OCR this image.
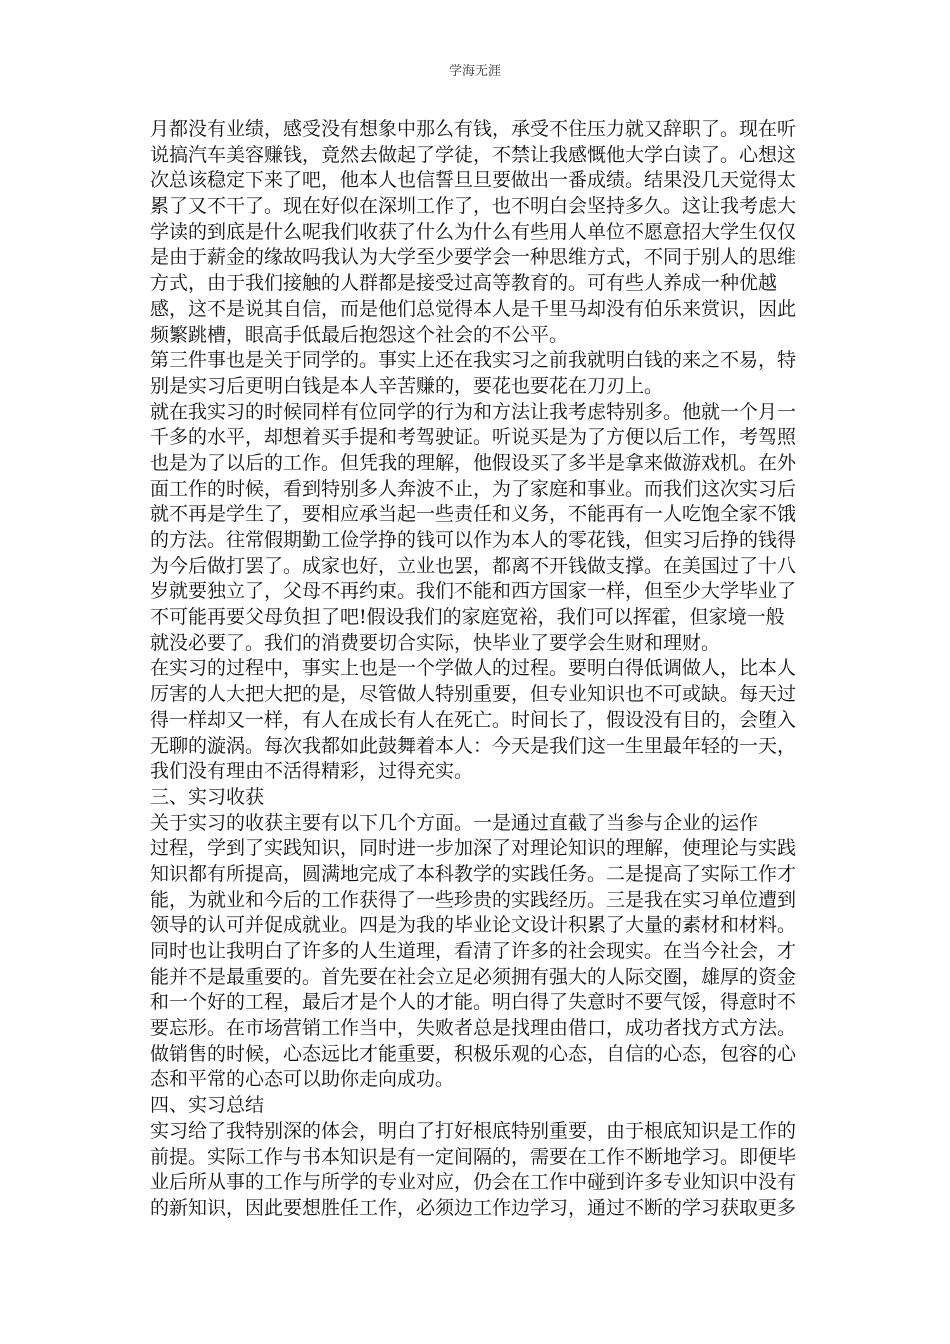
学海无涯
月都没有业绩，感受没有想象中那么有钱，承受不住压力就又辞职了。现在听
说搞汽车美容赚钱，竟然去做起了学徒，不禁让我感慨他大学白读了。心想这
次总该稳定下来了吧，他本人也信誓旦旦要做出一番成绩。结果没几天觉得太
累了又不干了。现在好似在深圳工作了，也不明白会坚持多久。这让我考虑大
学读的到底是什么呢我们收获了什么为什么有些用人单位不愿意招大学生仅仅
是由于薪金的缘故吗我认为大学至少要学会一种思维方式，不同于别人的思维
方式，由于我们接触的人群都是接受过高等教育的。可有些人养成一种优越
感，这不是说其自信，而是他们总觉得本人是千里马却没有伯乐来赏识，因此
频繁跳槽，眼高手低最后抱怨这个社会的不公平。
第三件事也是关于同学的。事实上还在我实习之前我就明白钱的来之不易，特
别是实习后更明白钱是本人辛苦赚的，要花也要花在刀刃上。
就在我实习的时候同样有位同学的行为和方法让我考虑特别多。他就一个月一
千多的水平，却想着买手提和考驾驶证。听说买是为了方便以后工作，考驾照
也是为了以后的工作。但凭我的理解，他假设买了多半是拿来做游戏机。在外
面工作的时候，看到特别多人奔波不止，为了家庭和事业。而我们这次实习后
就不再是学生了，要相应承当起一些责任和义务，不能再有一人吃饱全家不饿
的方法。往常假期勤工俭学挣的钱可以作为本人的零花钱，但实习后挣的钱得
为今后做打罢了。成家也好，立业也罢，都离不开钱做支撑。在美国过了十八
岁就要独立了，父母不再约束。我们不能和西方国家一样，但至少大学毕业了
不可能再要父母负担了吧!假设我们的家庭宽裕，我们可以挥霍，但家境一般
就没必要了。我们的消费要切合实际，快毕业了要学会生财和理财。
在实习的过程中，事实上也是一个学做人的过程。要明白得低调做人，比本人
厉害的人大把大把的是，尽管做人特别重要，但专业知识也不可或缺。每天过
得一样却又一样，有人在成长有人在死亡。时间长了，假设没有目的，会堕入
无聊的漩涡。每次我都如此鼓舞着本人：今天是我们这一生里最年轻的一天，
我们没有理由不活得精彩，过得充实。
三、实习收获
关于实习的收获主要有以下几个方面。一是通过直截了当参与企业的运作
过程，学到了实践知识，同时进一步加深了对理论知识的理解，使理论与实践
知识都有所提高，圆满地完成了本科教学的实践任务。二是提高了实际工作才
能，为就业和今后的工作获得了一些珍贵的实践经历。三是我在实习单位遭到
领导的认可并促成就业。四是为我的毕业论文设计积累了大量的素材和材料。
同时也让我明白了许多的人生道理，看清了许多的社会现实。在当今社会，才
能并不是最重要的。首先要在社会立足必须拥有强大的人际交圈，雄厚的资金
和一个好的工程，最后才是个人的才能。明白得了失意时不要气馁，得意时不
要忘形。在市场营销工作当中，失败者总是找理由借口，成功者找方式方法。
做销售的时候，心态远比才能重要，积极乐观的心态，自信的心态，包容的心
态和平常的心态可以助你走向成功。
四、实习总结
实习给了我特别深的体会，明白了打好根底特别重要，由于根底知识是工作的
前提。实际工作与书本知识是有一定间隔的，需要在工作不断地学习。即便毕
业后所从事的工作与所学的专业对应，仍会在工作中碰到许多专业知识中没有
的新知识，因此要想胜任工作，必须边工作边学习，通过不断的学习获取更多
